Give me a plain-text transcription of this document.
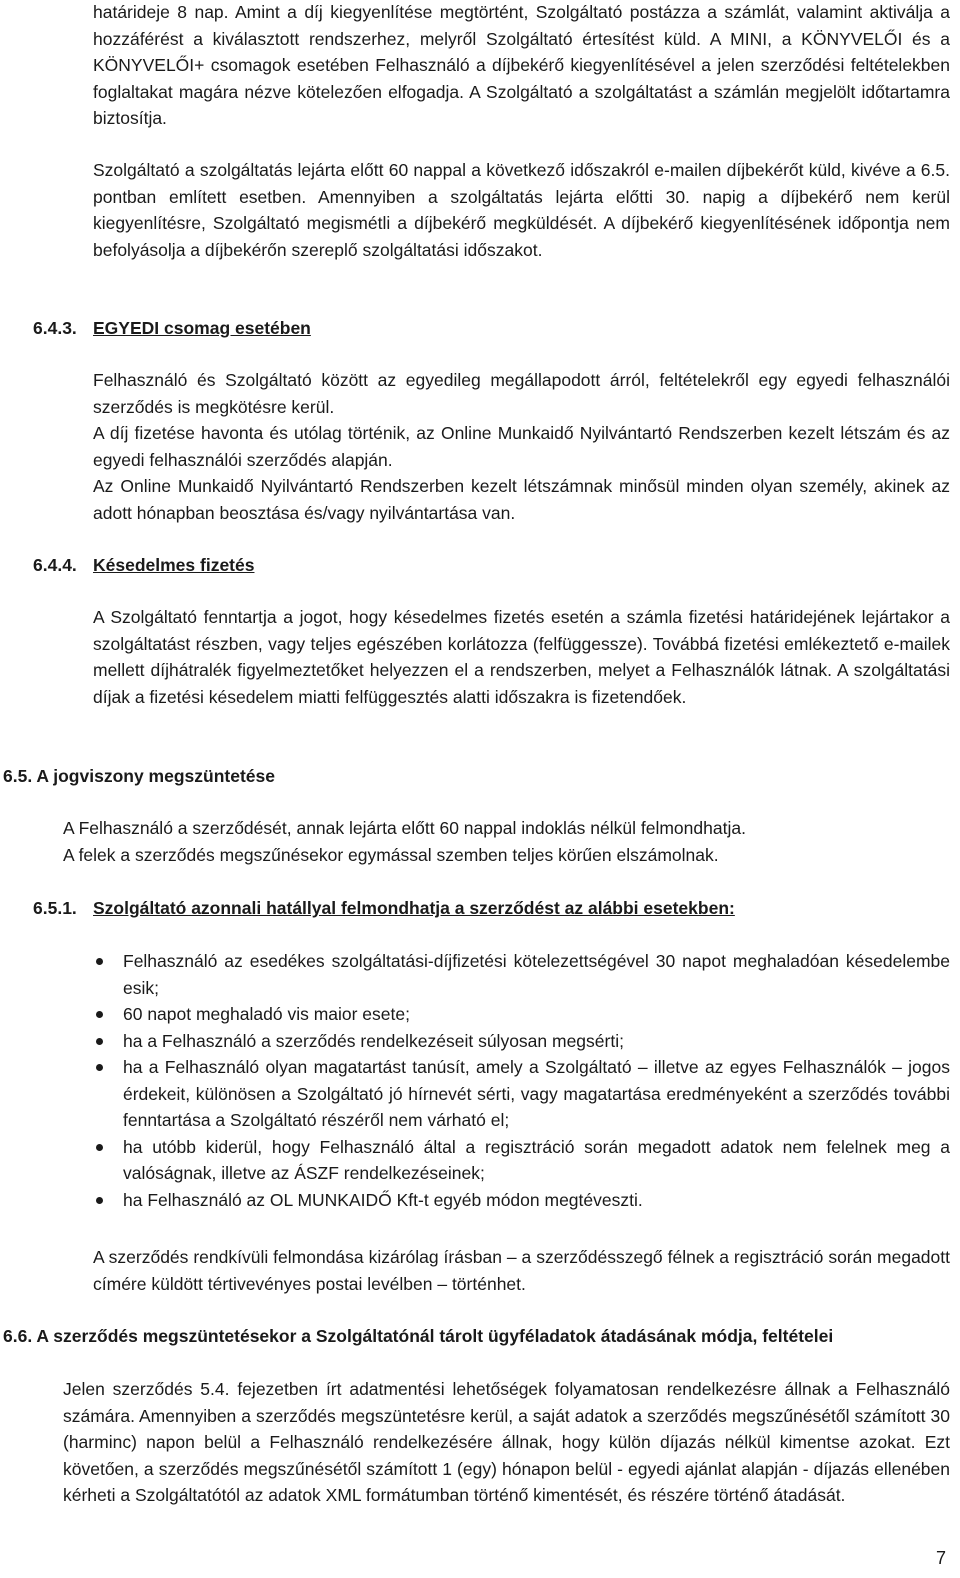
határideje 8 nap. Amint a díj kiegyenlítése megtörtént, Szolgáltató postázza a számlát, valamint aktiválja a hozzáférést a kiválasztott rendszerhez, melyről Szolgáltató értesítést küld. A MINI, a KÖNYVELŐI és a KÖNYVELŐI+ csomagok esetében Felhasználó a díjbekérő kiegyenlítésével a jelen szerződési feltételekben foglaltakat magára nézve kötelezően elfogadja. A Szolgáltató a szolgáltatást a számlán megjelölt időtartamra biztosítja.

Szolgáltató a szolgáltatás lejárta előtt 60 nappal a következő időszakról e-mailen díjbekérőt küld, kivéve a 6.5. pontban említett esetben. Amennyiben a szolgáltatás lejárta előtti 30. napig a díjbekérő nem kerül kiegyenlítésre, Szolgáltató megismétli a díjbekérő megküldését. A díjbekérő kiegyenlítésének időpontja nem befolyásolja a díjbekérőn szereplő szolgáltatási időszakot.

6.4.3. EGYEDI csomag esetében

Felhasználó és Szolgáltató között az egyedileg megállapodott árról, feltételekről egy egyedi felhasználói szerződés is megkötésre kerül.

A díj fizetése havonta és utólag történik, az Online Munkaidő Nyilvántartó Rendszerben kezelt létszám és az egyedi felhasználói szerződés alapján.

Az Online Munkaidő Nyilvántartó Rendszerben kezelt létszámnak minősül minden olyan személy, akinek az adott hónapban beosztása és/vagy nyilvántartása van.

6.4.4. Késedelmes fizetés

A Szolgáltató fenntartja a jogot, hogy késedelmes fizetés esetén a számla fizetési határidejének lejártakor a szolgáltatást részben, vagy teljes egészében korlátozza (felfüggessze). Továbbá fizetési emlékeztető e-mailek mellett díjhátralék figyelmeztetőket helyezzen el a rendszerben, melyet a Felhasználók látnak. A szolgáltatási díjak a fizetési késedelem miatti felfüggesztés alatti időszakra is fizetendőek.

6.5. A jogviszony megszüntetése

A Felhasználó a szerződését, annak lejárta előtt 60 nappal indoklás nélkül felmondhatja.

A felek a szerződés megszűnésekor egymással szemben teljes körűen elszámolnak.

6.5.1. Szolgáltató azonnali hatállyal felmondhatja a szerződést az alábbi esetekben:
Felhasználó az esedékes szolgáltatási-díjfizetési kötelezettségével 30 napot meghaladóan késedelembe esik;
60 napot meghaladó vis maior esete;
ha a Felhasználó a szerződés rendelkezéseit súlyosan megsérti;
ha a Felhasználó olyan magatartást tanúsít, amely a Szolgáltató – illetve az egyes Felhasználók – jogos érdekeit, különösen a Szolgáltató jó hírnevét sérti, vagy magatartása eredményeként a szerződés további fenntartása a Szolgáltató részéről nem várható el;
ha utóbb kiderül, hogy Felhasználó által a regisztráció során megadott adatok nem felelnek meg a valóságnak, illetve az ÁSZF rendelkezéseinek;
ha Felhasználó az OL MUNKAIDŐ Kft-t egyéb módon megtéveszti.

A szerződés rendkívüli felmondása kizárólag írásban – a szerződésszegő félnek a regisztráció során megadott címére küldött tértivevényes postai levélben – történhet.

6.6. A szerződés megszüntetésekor a Szolgáltatónál tárolt ügyféladatok átadásának módja, feltételei

Jelen szerződés 5.4. fejezetben írt adatmentési lehetőségek folyamatosan rendelkezésre állnak a Felhasználó számára. Amennyiben a szerződés megszüntetésre kerül, a saját adatok a szerződés megszűnésétől számított 30 (harminc) napon belül a Felhasználó rendelkezésére állnak, hogy külön díjazás nélkül kimentse azokat. Ezt követően, a szerződés megszűnésétől számított 1 (egy) hónapon belül - egyedi ajánlat alapján - díjazás ellenében kérheti a Szolgáltatótól az adatok XML formátumban történő kimentését, és részére történő átadását.

7
